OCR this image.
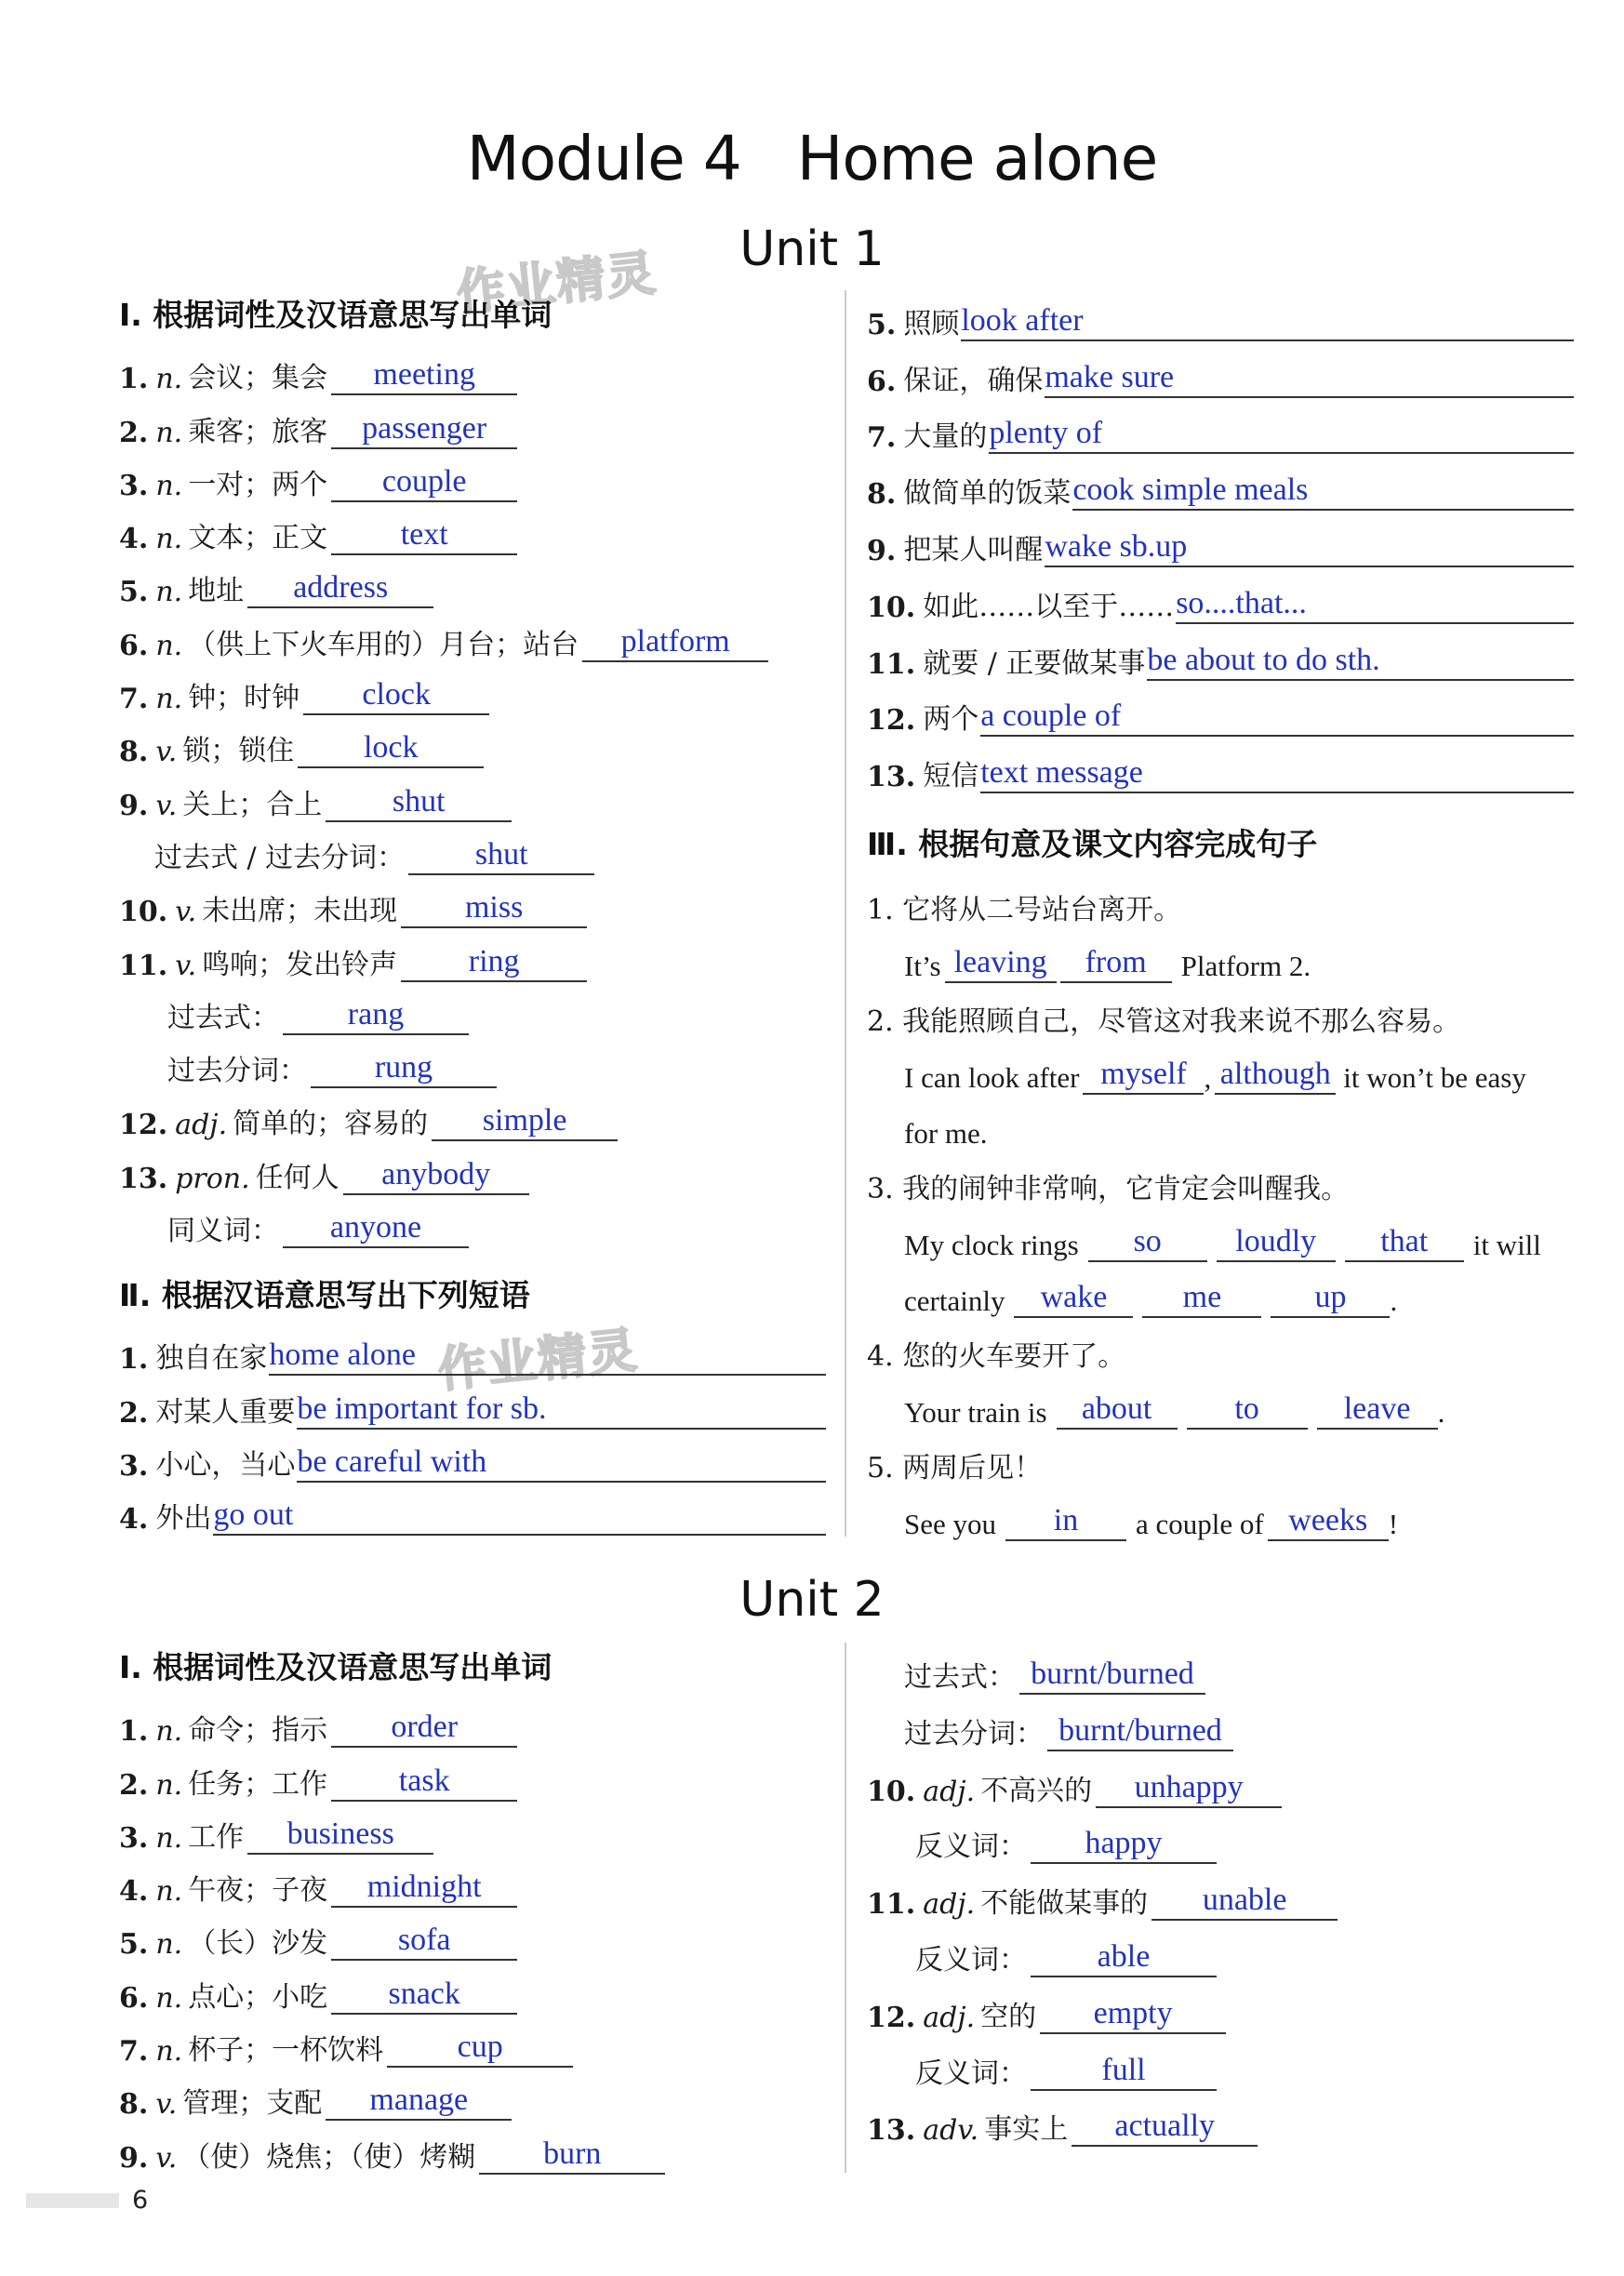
Module 4 Home alone
Unit 1
作业精灵
作业精灵
Ⅰ. 根据词性及汉语意思写出单词
1. n. 会议；集会	meeting
2. n. 乘客；旅客	passenger
3. n. 一对；两个	couple
4. n. 文本；正文	text
5. n. 地址	address
6. n. （供上下火车用的）月台；站台	platform
7. n. 钟；时钟	clock
8. v. 锁；锁住	lock
9. v. 关上；合上	shut
过去式 / 过去分词：	shut
10. v. 未出席；未出现	miss
11. v. 鸣响；发出铃声	ring
过去式：	rang
过去分词：	rung
12. adj. 简单的；容易的	simple
13. pron. 任何人	anybody
同义词：	anyone
Ⅱ. 根据汉语意思写出下列短语
1. 独自在家 home alone
2. 对某人重要 be important for sb.
3. 小心，当心 be careful with
4. 外出 go out
5. 照顾 look after
6. 保证，确保 make sure
7. 大量的 plenty of
8. 做简单的饭菜 cook simple meals
9. 把某人叫醒 wake sb.up
10. 如此……以至于…… so....that...
11. 就要 / 正要做某事 be about to do sth.
12. 两个 a couple of
13. 短信 text message
Ⅲ. 根据句意及课文内容完成句子
1. 它将从二号站台离开。
It’s leaving	from	Platform 2.
2. 我能照顾自己，尽管这对我来说不那么容易。
I can look after myself , although it won’t be easy
for me.
3. 我的闹钟非常响，它肯定会叫醒我。
My clock rings	so	loudly	that	it will
certainly	wake	me	up	.
4. 您的火车要开了。
Your train is	about	to	leave .
5. 两周后见！
See you	in	a couple of weeks !
Unit 2
Ⅰ. 根据词性及汉语意思写出单词
1. n. 命令；指示	order
2. n. 任务；工作	task
3. n. 工作	business
4. n. 午夜；子夜	midnight
5. n. （长）沙发	sofa
6. n. 点心；小吃	snack
7. n. 杯子；一杯饮料	cup
8. v. 管理；支配	manage
9. v. （使）烧焦；（使）烤糊	burn
过去式： burnt/burned
过去分词： burnt/burned
10. adj. 不高兴的	unhappy
反义词：	happy
11. adj. 不能做某事的	unable
反义词：	able
12. adj. 空的	empty
反义词：	full
13. adv. 事实上	actually
6
